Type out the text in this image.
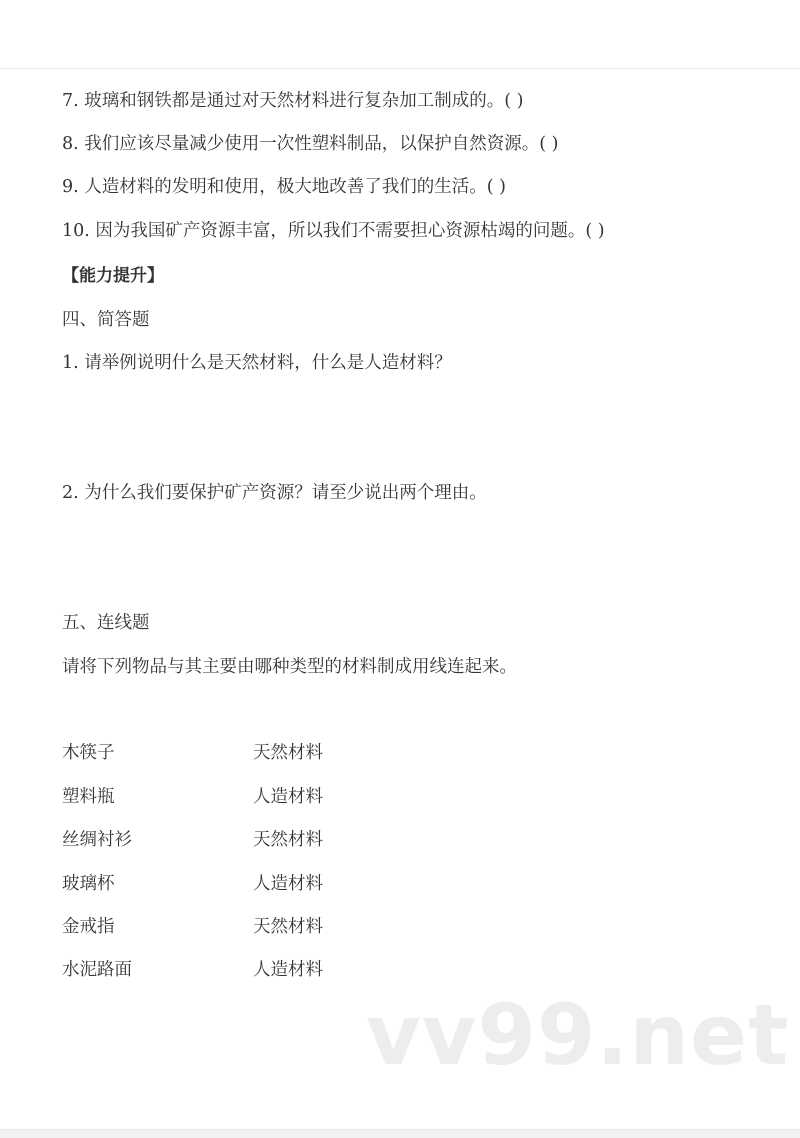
7. 玻璃和钢铁都是通过对天然材料进行复杂加工制成的。( )
8. 我们应该尽量减少使用一次性塑料制品，以保护自然资源。( )
9. 人造材料的发明和使用，极大地改善了我们的生活。( )
10. 因为我国矿产资源丰富，所以我们不需要担心资源枯竭的问题。( )
【能力提升】
四、简答题
1. 请举例说明什么是天然材料，什么是人造材料？
2. 为什么我们要保护矿产资源？请至少说出两个理由。
五、连线题
请将下列物品与其主要由哪种类型的材料制成用线连起来。
木筷子
塑料瓶
丝绸衬衫
玻璃杯
金戒指
水泥路面
天然材料
人造材料
天然材料
人造材料
天然材料
人造材料
vv99.net
